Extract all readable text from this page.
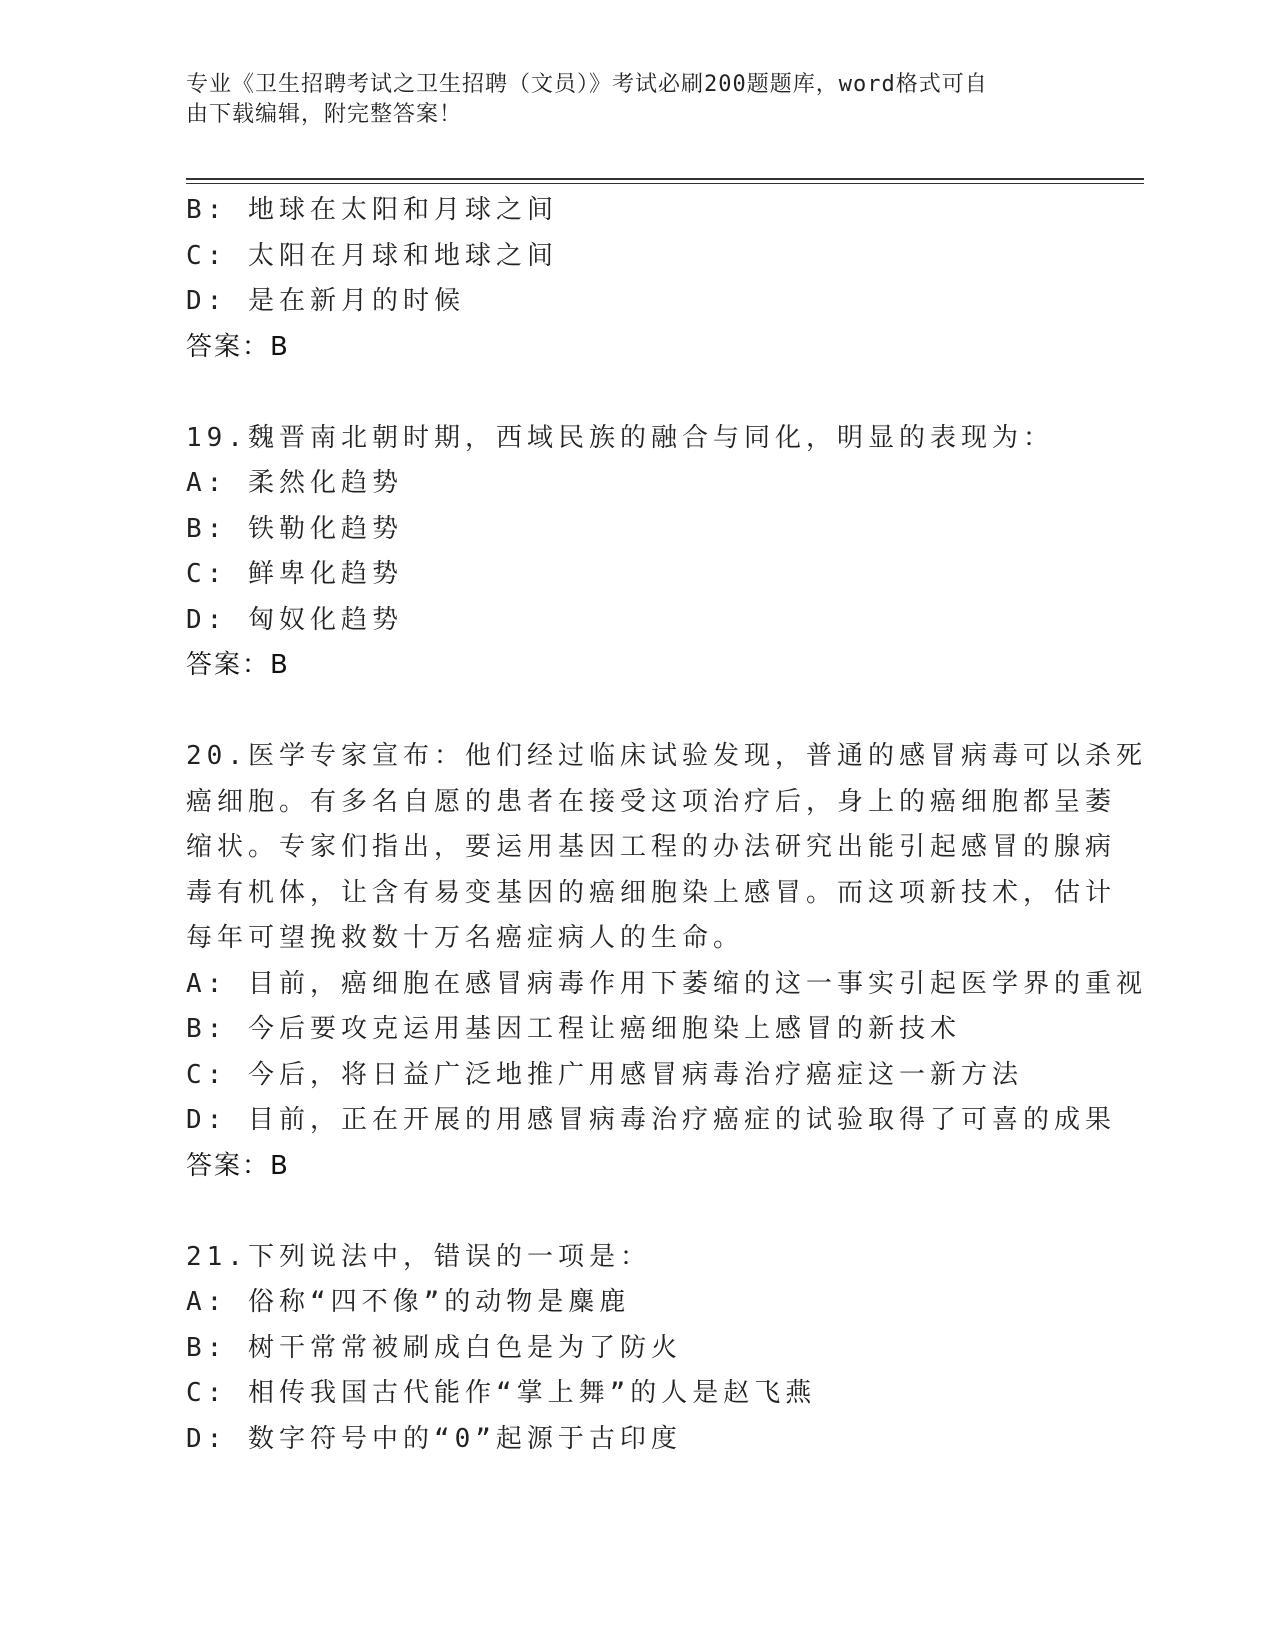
专业《卫生招聘考试之卫生招聘（文员）》考试必刷200题题库，word格式可自
由下载编辑，附完整答案！
B: 地球在太阳和月球之间
C: 太阳在月球和地球之间
D: 是在新月的时候
答案：B
19.魏晋南北朝时期，西域民族的融合与同化，明显的表现为：
A: 柔然化趋势
B: 铁勒化趋势
C: 鲜卑化趋势
D: 匈奴化趋势
答案：B
20.医学专家宣布：他们经过临床试验发现，普通的感冒病毒可以杀死
癌细胞。有多名自愿的患者在接受这项治疗后，身上的癌细胞都呈萎
缩状。专家们指出，要运用基因工程的办法研究出能引起感冒的腺病
毒有机体，让含有易变基因的癌细胞染上感冒。而这项新技术，估计
每年可望挽救数十万名癌症病人的生命。
A: 目前，癌细胞在感冒病毒作用下萎缩的这一事实引起医学界的重视
B: 今后要攻克运用基因工程让癌细胞染上感冒的新技术
C: 今后，将日益广泛地推广用感冒病毒治疗癌症这一新方法
D: 目前，正在开展的用感冒病毒治疗癌症的试验取得了可喜的成果
答案：B
21.下列说法中，错误的一项是：
A: 俗称“四不像”的动物是麋鹿
B: 树干常常被刷成白色是为了防火
C: 相传我国古代能作“掌上舞”的人是赵飞燕
D: 数字符号中的“0”起源于古印度
